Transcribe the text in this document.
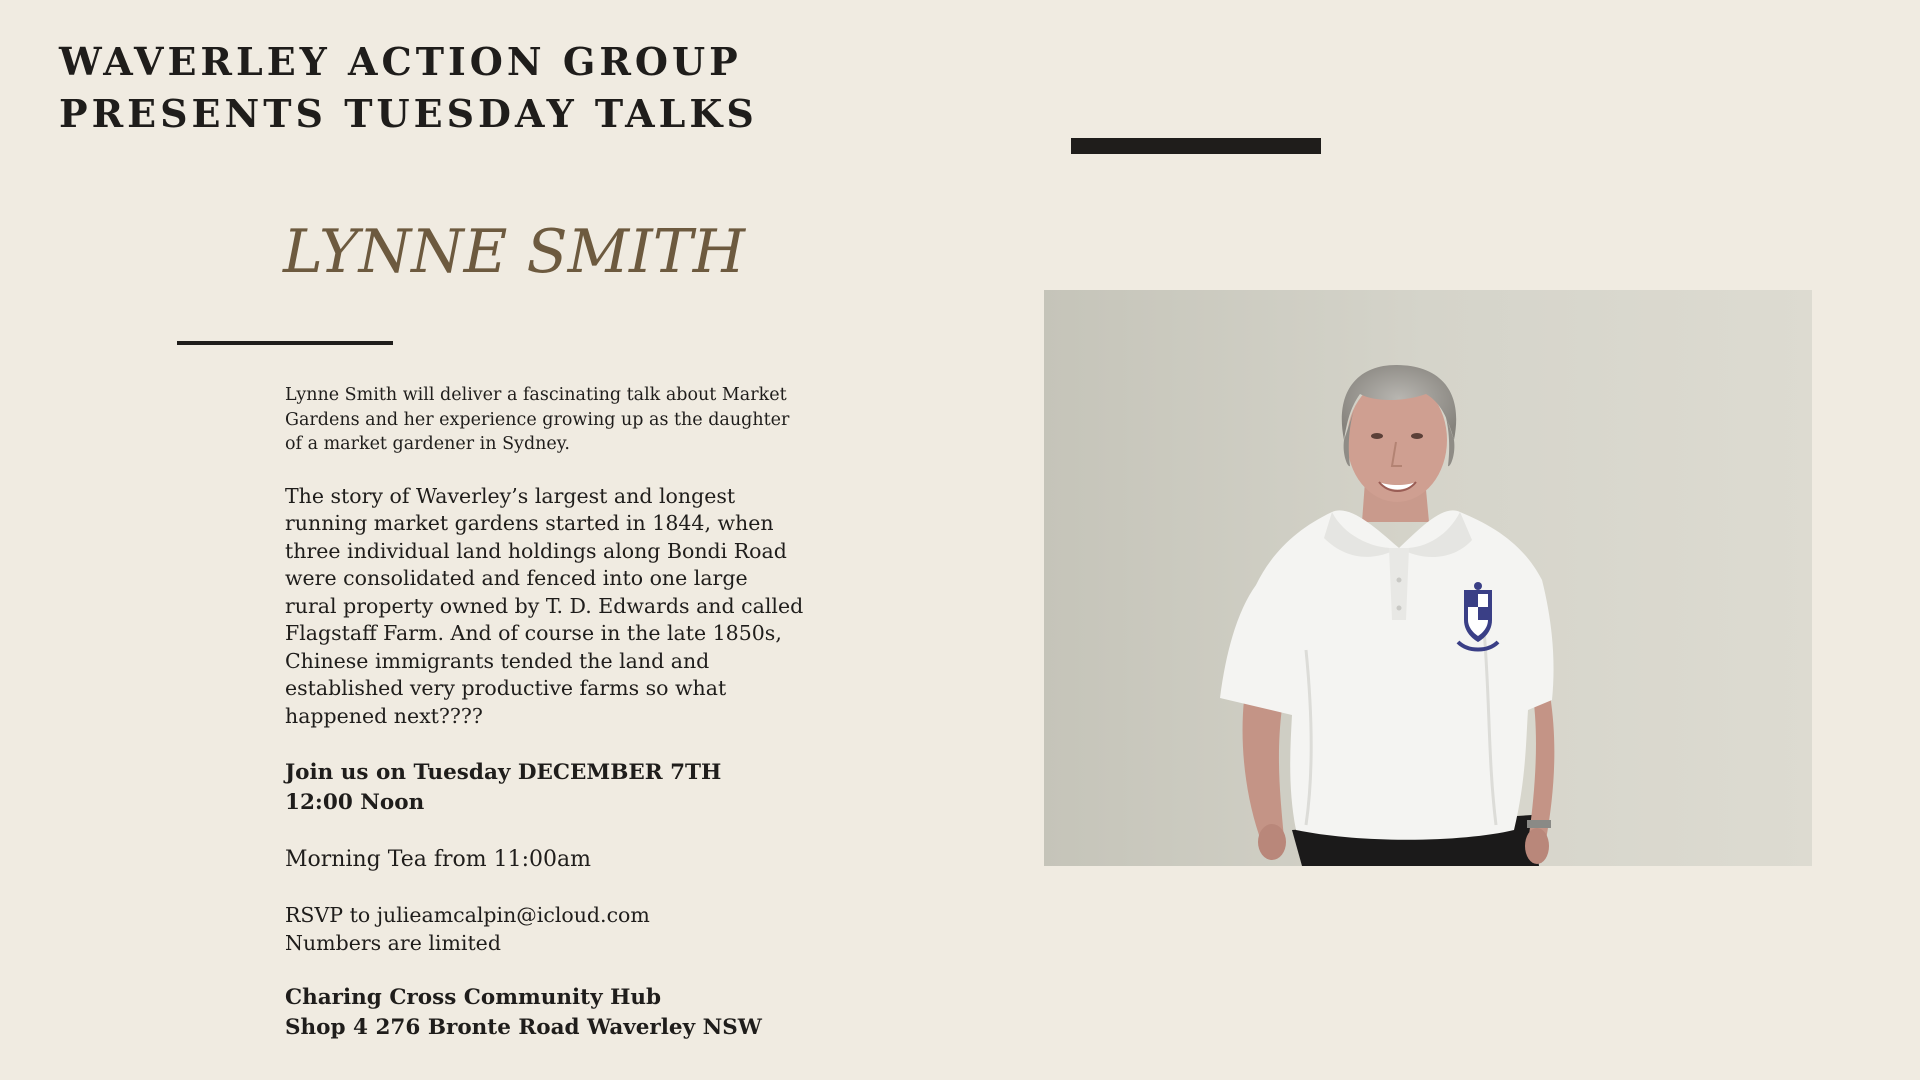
WAVERLEY ACTION GROUP
PRESENTS TUESDAY TALKS
LYNNE SMITH

Lynne Smith will deliver a fascinating talk about Market Gardens and her experience growing up as the daughter of a market gardener in Sydney.

The story of Waverley’s largest and longest running market gardens started in 1844, when three individual land holdings along Bondi Road were consolidated and fenced into one large rural property owned by T. D. Edwards and called Flagstaff Farm. And of course in the late 1850s, Chinese immigrants tended the land and established very productive farms so what happened next????

Join us on Tuesday DECEMBER 7TH

12:00 Noon

Morning Tea from 11:00am

RSVP to julieamcalpin@icloud.com

Numbers are limited

Charing Cross Community Hub

Shop 4 276 Bronte Road Waverley NSW
